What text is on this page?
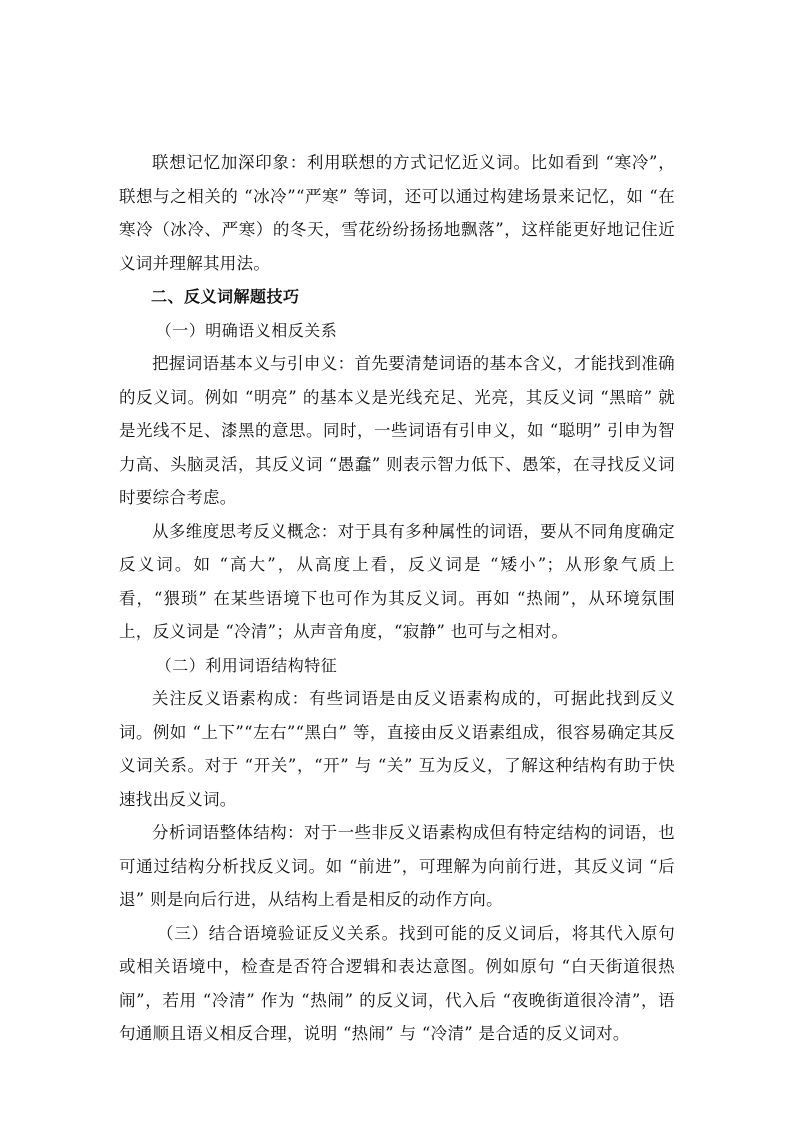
联想记忆加深印象：利用联想的方式记忆近义词。比如看到 “寒冷”，联想与之相关的 “冰冷”“严寒” 等词，还可以通过构建场景来记忆，如 “在寒冷（冰冷、严寒）的冬天，雪花纷纷扬扬地飘落”，这样能更好地记住近义词并理解其用法。

二、反义词解题技巧

（一）明确语义相反关系

把握词语基本义与引申义：首先要清楚词语的基本含义，才能找到准确的反义词。例如 “明亮” 的基本义是光线充足、光亮，其反义词 “黑暗” 就是光线不足、漆黑的意思。同时，一些词语有引申义，如 “聪明” 引申为智力高、头脑灵活，其反义词 “愚蠢” 则表示智力低下、愚笨，在寻找反义词时要综合考虑。

从多维度思考反义概念：对于具有多种属性的词语，要从不同角度确定反义词。如 “高大”，从高度上看，反义词是 “矮小”；从形象气质上看，“猥琐” 在某些语境下也可作为其反义词。再如 “热闹”，从环境氛围上，反义词是 “冷清”；从声音角度，“寂静” 也可与之相对。

（二）利用词语结构特征

关注反义语素构成：有些词语是由反义语素构成的，可据此找到反义词。例如 “上下”“左右”“黑白” 等，直接由反义语素组成，很容易确定其反义词关系。对于 “开关”，“开” 与 “关” 互为反义，了解这种结构有助于快速找出反义词。

分析词语整体结构：对于一些非反义语素构成但有特定结构的词语，也可通过结构分析找反义词。如 “前进”，可理解为向前行进，其反义词 “后退” 则是向后行进，从结构上看是相反的动作方向。

（三）结合语境验证反义关系。找到可能的反义词后，将其代入原句或相关语境中，检查是否符合逻辑和表达意图。例如原句 “白天街道很热闹”，若用 “冷清” 作为 “热闹” 的反义词，代入后 “夜晚街道很冷清”，语句通顺且语义相反合理，说明 “热闹” 与 “冷清” 是合适的反义词对。
